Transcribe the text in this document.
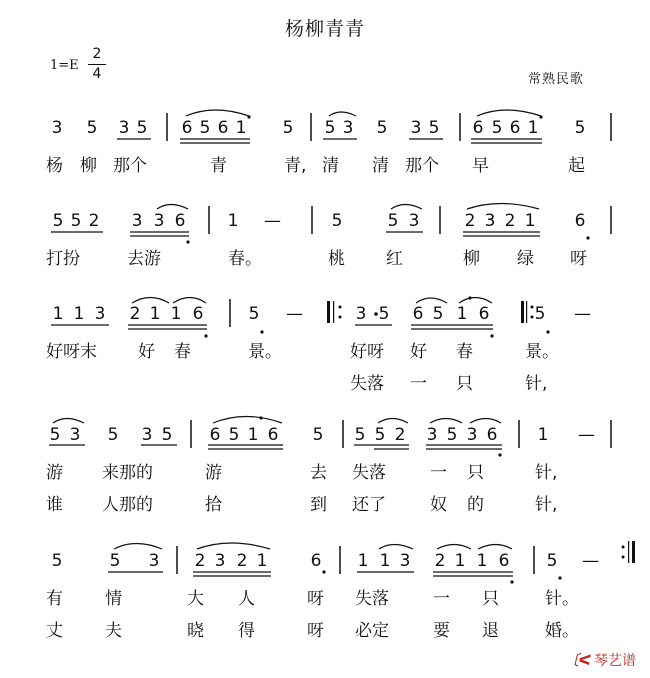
杨柳青青
1=E
2
4	常熟民歌
3 5 3 5 6 5 6 1 5 5 3 5 3 5 6 5 6 1 5
杨 柳 那个	青	青, 清 清 那个 早	起
5 5 2 3 3 6 1 —	5	5 3	2 3 2 1 6
打扮	去游	春。	桃 红	柳 绿 呀
1 1 3 2 1 1 6	5 —	3 5 6 5 1 6	5 —
好呀末 好 春	景。	好呀 好 春	景。
失落 一 只	针,
5 3 5 3 5 6 5 1 6 5 5 5 2 3 5 3 6 1 —
游 来那的	游	去 失落	一 只	针,
谁 人那的	拾	到 还了	奴 的	针,
5	5 3 2 3 2 1	6 1 1 3 2 1 1 6 5 —
有 情	大 人	呀 失落	一 只	针。
丈 夫	晓 得	呀 必定	要 退	婚。
〔ᐸ 琴艺谱
